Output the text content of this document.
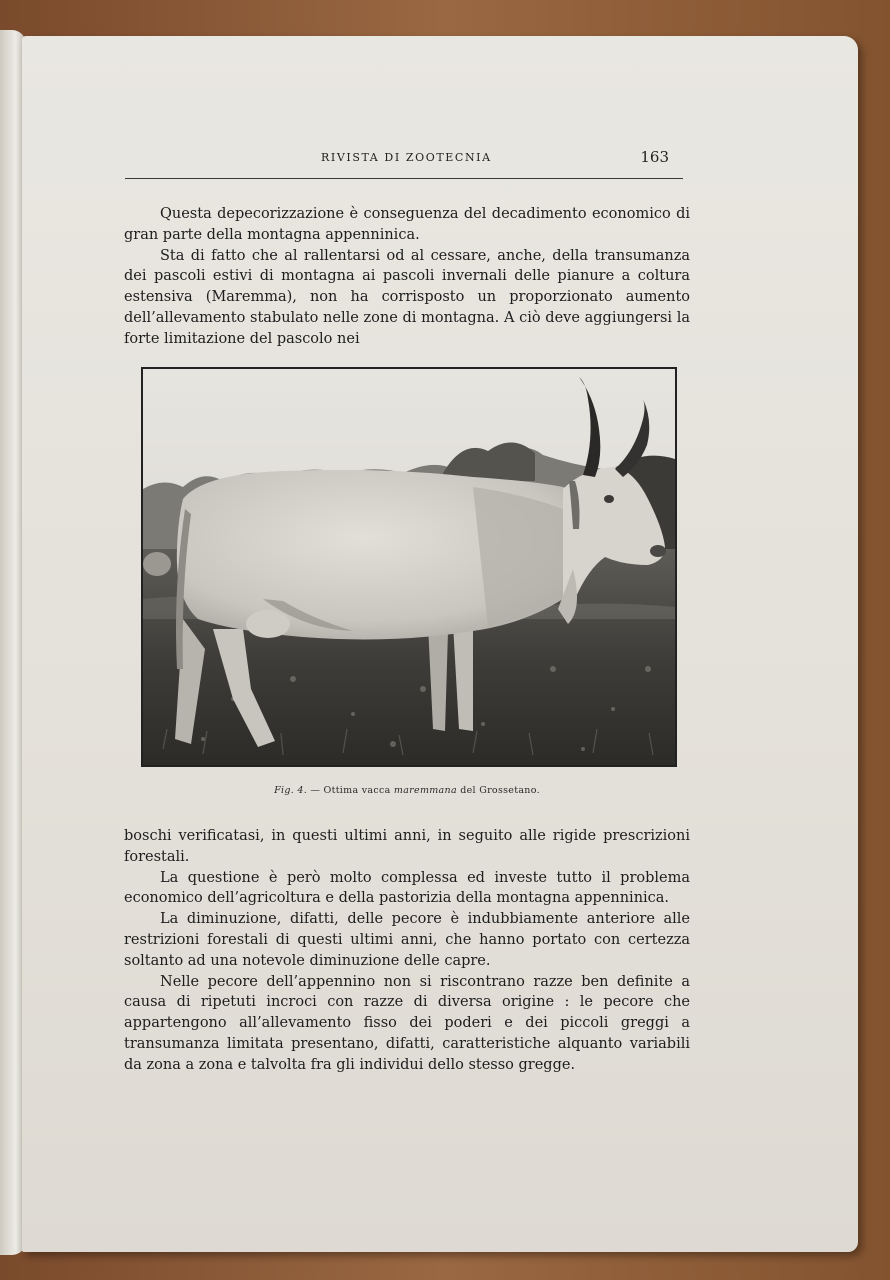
RIVISTA DI ZOOTECNIA	163

Questa depecorizzazione è conseguenza del decadimento economico di gran parte della montagna appenninica.

Sta di fatto che al rallentarsi od al cessare, anche, della transumanza dei pascoli estivi di montagna ai pascoli invernali delle pianure a coltura estensiva (Maremma), non ha corrisposto un proporzionato aumento dell’allevamento stabulato nelle zone di montagna. A ciò deve aggiungersi la forte limitazione del pascolo nei

Fig. 4. — Ottima vacca maremmana del Grossetano.

boschi verificatasi, in questi ultimi anni, in seguito alle rigide prescrizioni forestali.

La questione è però molto complessa ed investe tutto il problema economico dell’agricoltura e della pastorizia della montagna appenninica.

La diminuzione, difatti, delle pecore è indubbiamente anteriore alle restrizioni forestali di questi ultimi anni, che hanno portato con certezza soltanto ad una notevole diminuzione delle capre.

Nelle pecore dell’appennino non si riscontrano razze ben definite a causa di ripetuti incroci con razze di diversa origine : le pecore che appartengono all’allevamento fisso dei poderi e dei piccoli greggi a transumanza limitata presentano, difatti, caratteristiche alquanto variabili da zona a zona e talvolta fra gli individui dello stesso gregge.
